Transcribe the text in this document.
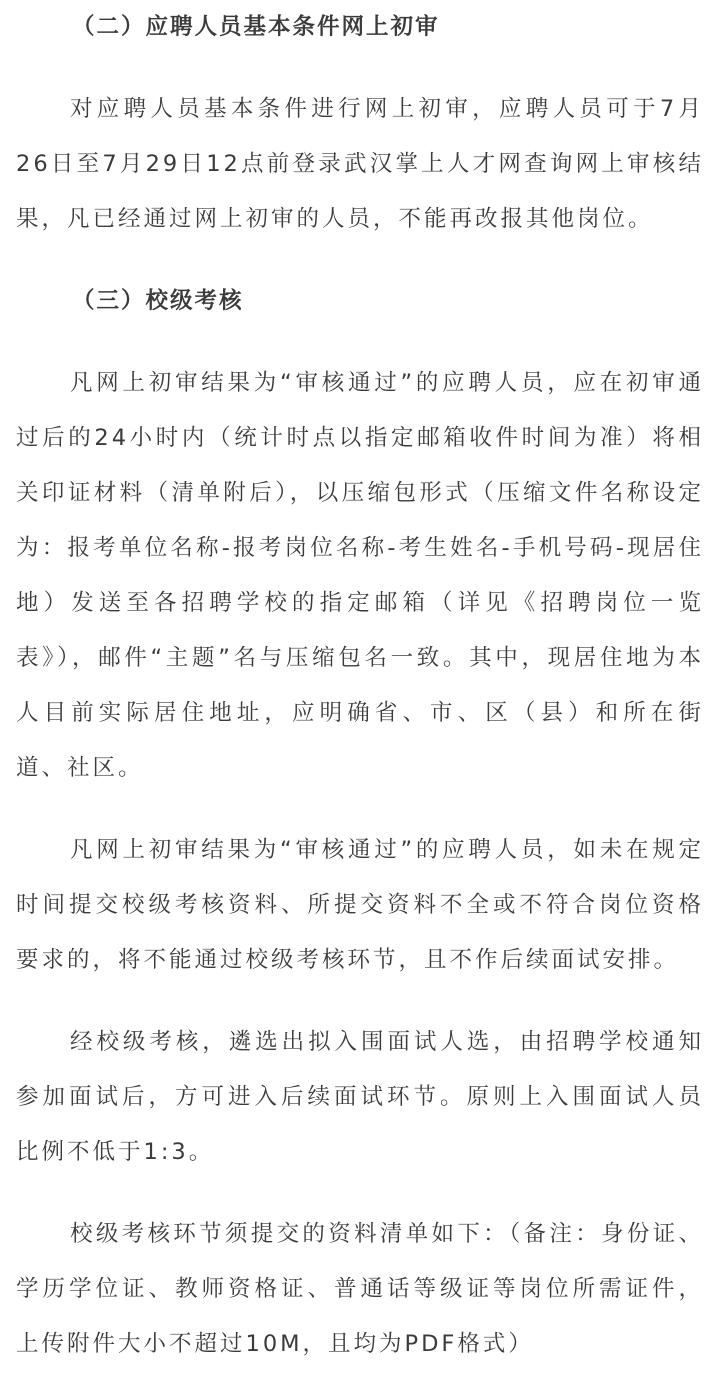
（二）应聘人员基本条件网上初审

对应聘人员基本条件进行网上初审，应聘人员可于7月26日至7月29日12点前登录武汉掌上人才网查询网上审核结果，凡已经通过网上初审的人员，不能再改报其他岗位。

（三）校级考核

凡网上初审结果为“审核通过”的应聘人员，应在初审通过后的24小时内（统计时点以指定邮箱收件时间为准）将相关印证材料（清单附后），以压缩包形式（压缩文件名称设定为：报考单位名称-报考岗位名称-考生姓名-手机号码-现居住地）发送至各招聘学校的指定邮箱（详见《招聘岗位一览表》），邮件“主题”名与压缩包名一致。其中，现居住地为本人目前实际居住地址，应明确省、市、区（县）和所在街道、社区。

凡网上初审结果为“审核通过”的应聘人员，如未在规定时间提交校级考核资料、所提交资料不全或不符合岗位资格要求的，将不能通过校级考核环节，且不作后续面试安排。

经校级考核，遴选出拟入围面试人选，由招聘学校通知参加面试后，方可进入后续面试环节。原则上入围面试人员比例不低于1:3。

校级考核环节须提交的资料清单如下：（备注：身份证、学历学位证、教师资格证、普通话等级证等岗位所需证件，上传附件大小不超过10M，且均为PDF格式）
